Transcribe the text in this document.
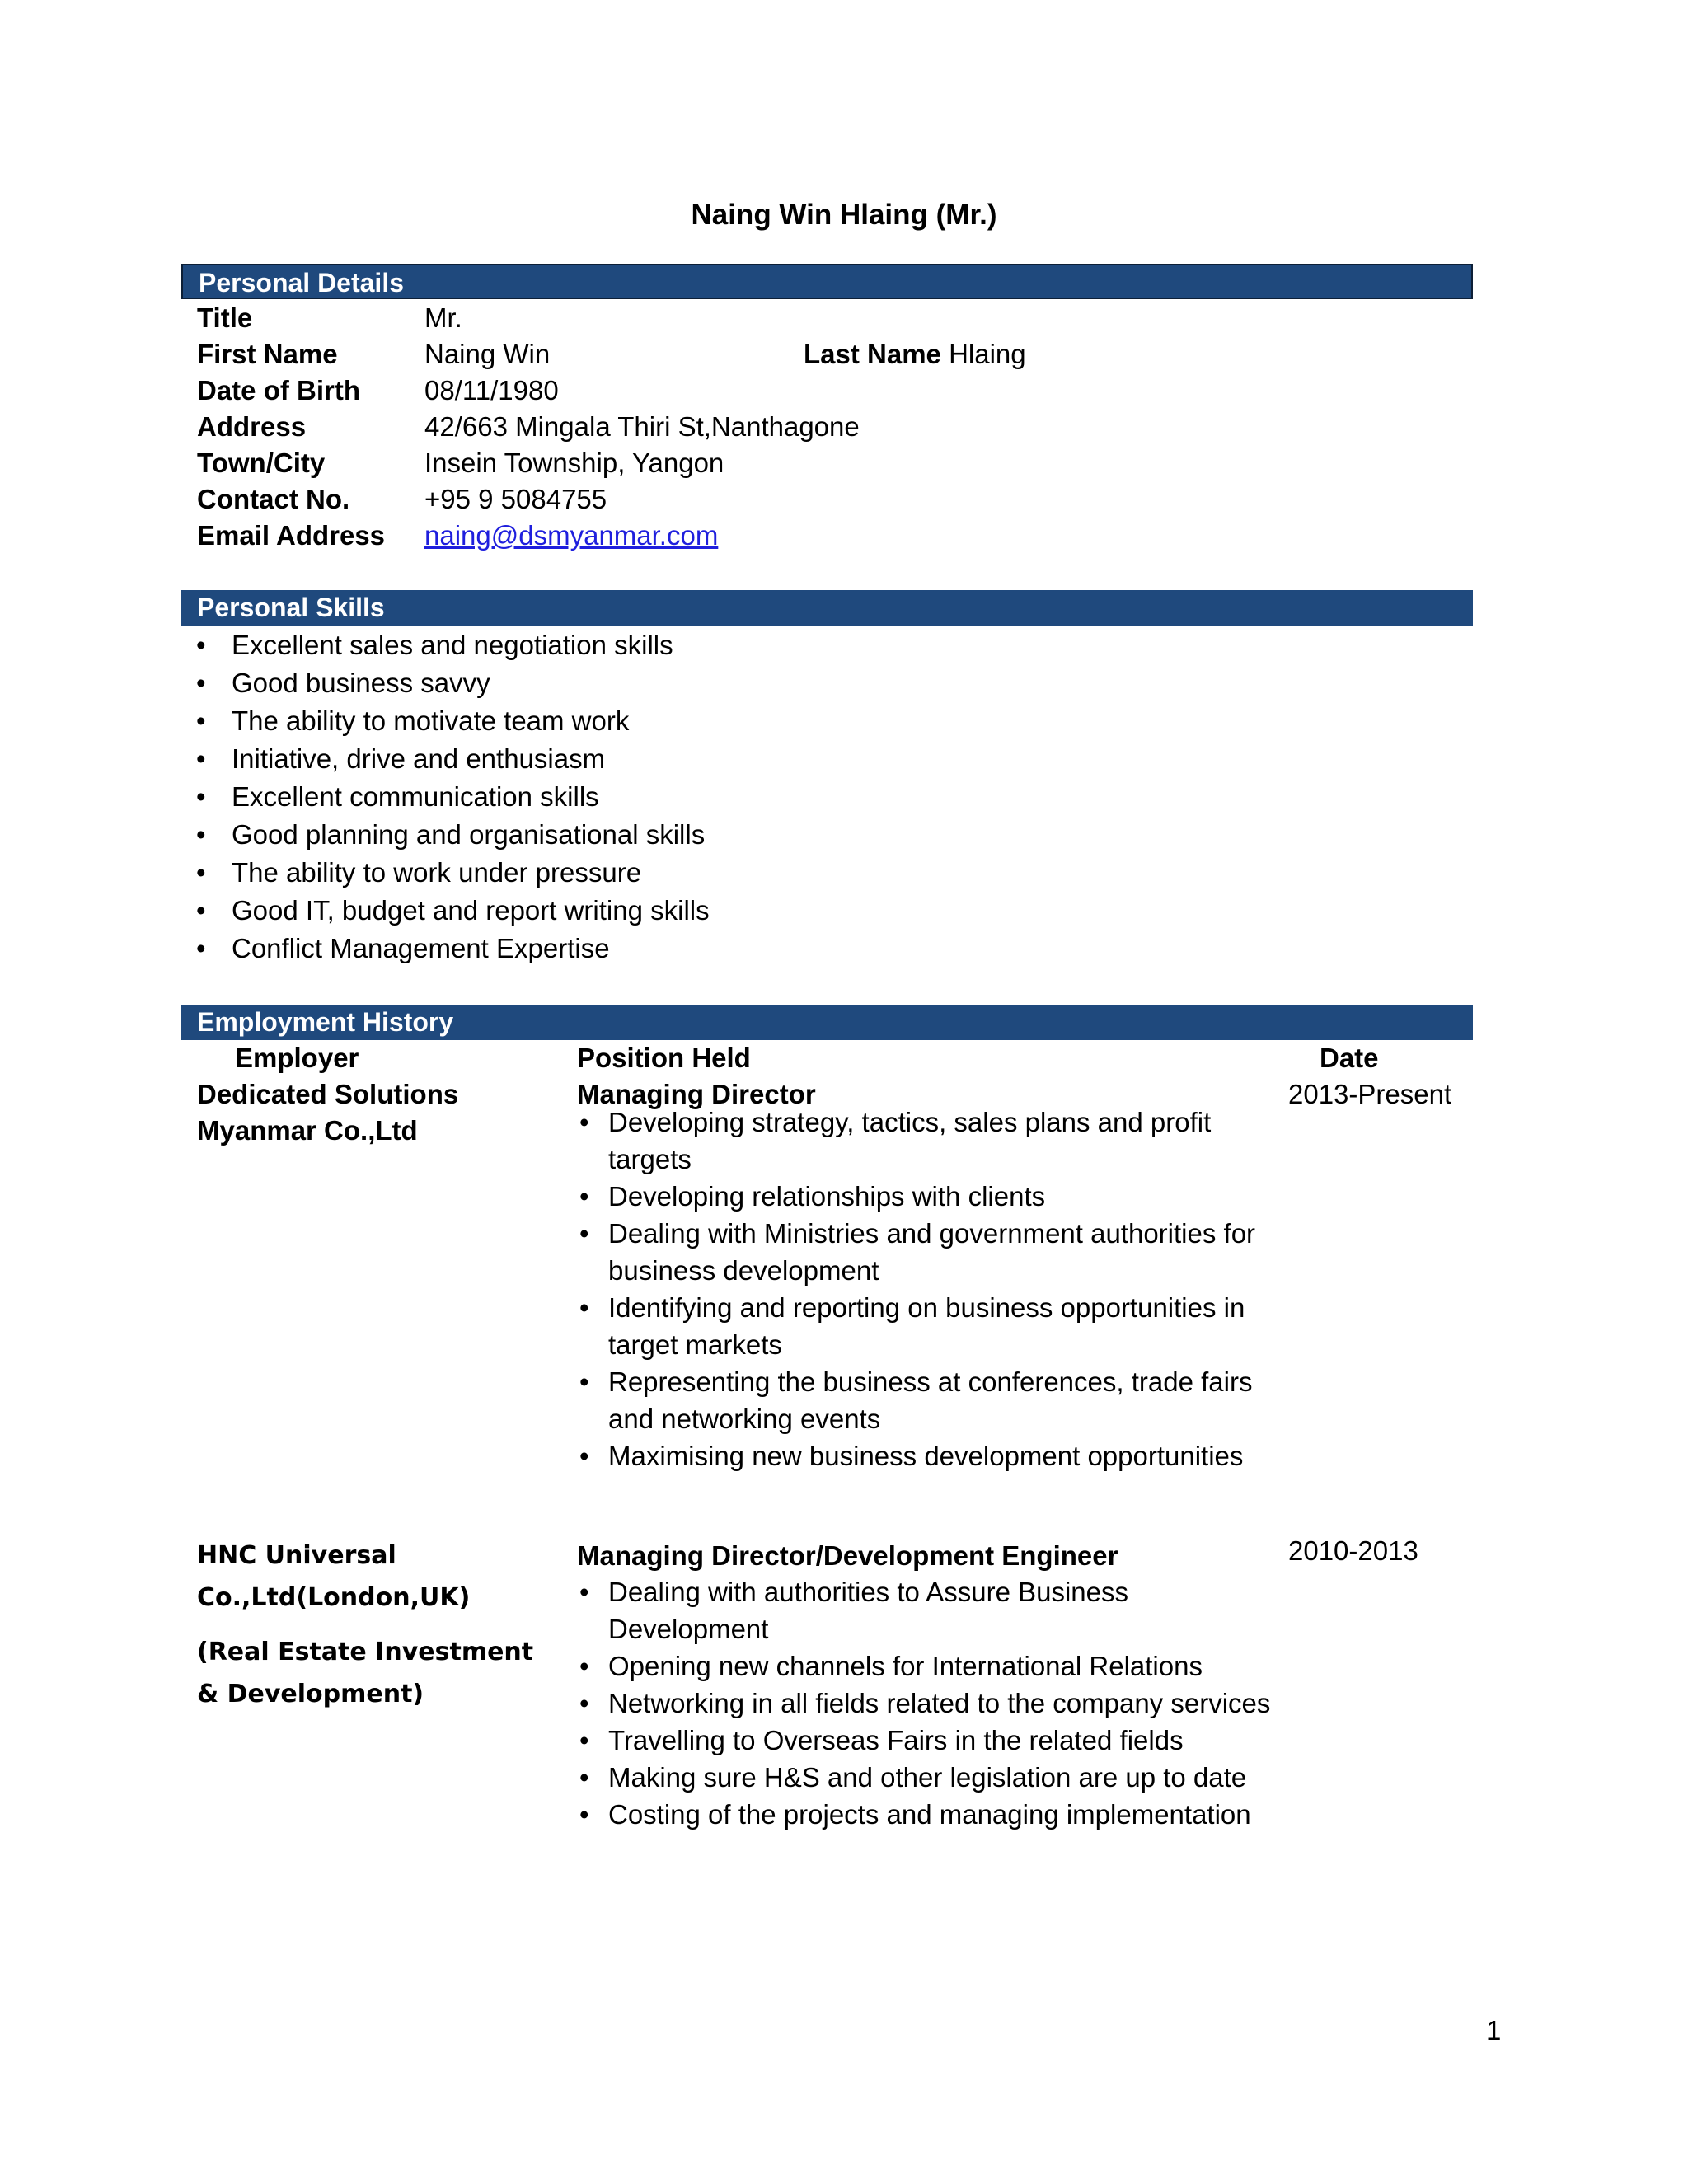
Naing Win Hlaing (Mr.)
Personal Details
Title	Mr.
First Name	Naing Win	Last Name Hlaing
Date of Birth 08/11/1980
Address	42/663 Mingala Thiri St,Nanthagone
Town/City	Insein Township, Yangon
Contact No.	+95 9 5084755
Email Address naing@dsmyanmar.com
Personal Skills
• Excellent sales and negotiation skills
• Good business savvy
• The ability to motivate team work
• Initiative, drive and enthusiasm
• Excellent communication skills
• Good planning and organisational skills
• The ability to work under pressure
• Good IT, budget and report writing skills
• Conflict Management Expertise
Employment History
Employer	Position Held	Date
Dedicated Solutions Myanmar Co.,Ltd
Managing Director	2013-Present
• Developing strategy, tactics, sales plans and profit targets
• Developing relationships with clients
• Dealing with Ministries and government authorities for business development
• Identifying and reporting on business opportunities in target markets
• Representing the business at conferences, trade fairs and networking events
• Maximising new business development opportunities
HNC Universal Co.,Ltd(London,UK)
(Real Estate Investment & Development)
Managing Director/Development Engineer	2010-2013
• Dealing with authorities to Assure Business Development
• Opening new channels for International Relations
• Networking in all fields related to the company services
• Travelling to Overseas Fairs in the related fields
• Making sure H&S and other legislation are up to date
• Costing of the projects and managing implementation
1
